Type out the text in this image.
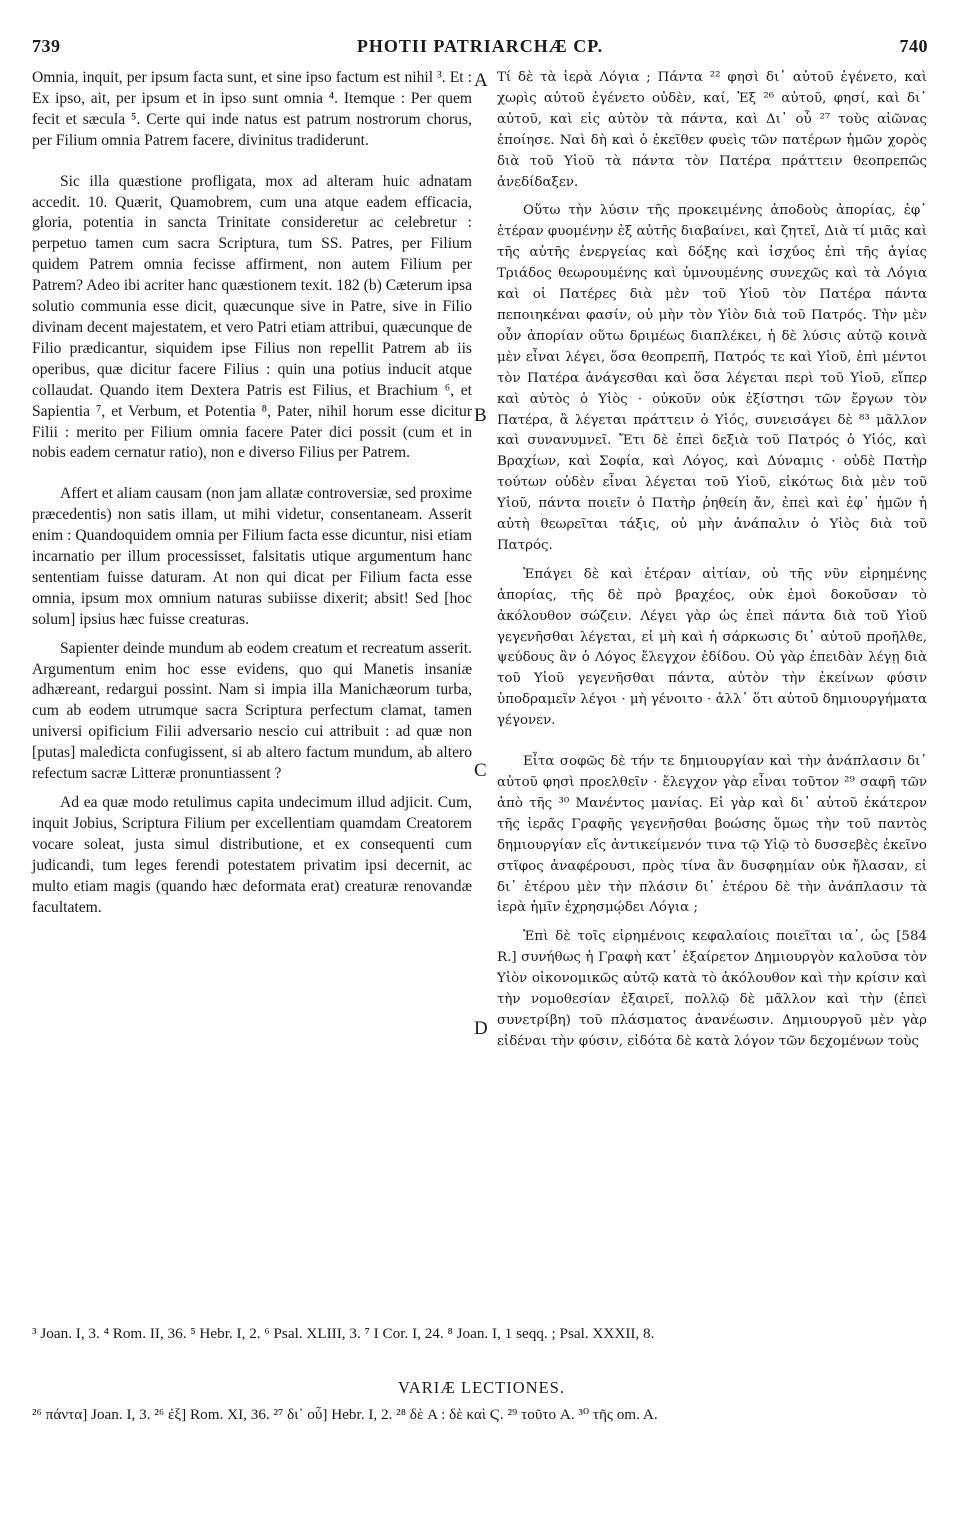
739	PHOTII PATRIARCHÆ CP.	740

Omnia, inquit, per ipsum facta sunt, et sine ipso factum est nihil ³. Et : Ex ipso, ait, per ipsum et in ipso sunt omnia ⁴. Itemque : Per quem fecit et sæcula ⁵. Certe qui inde natus est patrum nostrorum chorus, per Filium omnia Patrem facere, divinitus tradiderunt.

Sic illa quæstione profligata, mox ad alteram huic adnatam accedit. 10. Quærit, Quamobrem, cum una atque eadem efficacia, gloria, potentia in sancta Trinitate consideretur ac celebretur : perpetuo tamen cum sacra Scriptura, tum SS. Patres, per Filium quidem Patrem omnia fecisse affirment, non autem Filium per Patrem? Adeo ibi acriter hanc quæstionem texit. 182 (b) Cæterum ipsa solutio communia esse dicit, quæcunque sive in Patre, sive in Filio divinam decent majestatem, et vero Patri etiam attribui, quæcunque de Filio prædicantur, siquidem ipse Filius non repellit Patrem ab iis operibus, quæ dicitur facere Filius : quin una potius inducit atque collaudat. Quando item Dextera Patris est Filius, et Brachium ⁶, et Sapientia ⁷, et Verbum, et Potentia ⁸, Pater, nihil horum esse dicitur Filii : merito per Filium omnia facere Pater dici possit (cum et in nobis eadem cernatur ratio), non e diverso Filius per Patrem.

Affert et aliam causam (non jam allatæ controversiæ, sed proxime præcedentis) non satis illam, ut mihi videtur, consentaneam. Asserit enim : Quandoquidem omnia per Filium facta esse dicuntur, nisi etiam incarnatio per illum processisset, falsitatis utique argumentum hanc sententiam fuisse daturam. At non qui dicat per Filium facta esse omnia, ipsum mox omnium naturas subiisse dixerit; absit! Sed [hoc solum] ipsius hæc fuisse creaturas.

Sapienter deinde mundum ab eodem creatum et recreatum asserit. Argumentum enim hoc esse evidens, quo qui Manetis insaniæ adhæreant, redargui possint. Nam si impia illa Manichæorum turba, cum ab eodem utrumque sacra Scriptura perfectum clamat, tamen universi opificium Filii adversario nescio cui attribuit : ad quæ non [putas] maledicta confugissent, si ab altero factum mundum, ab altero refectum sacræ Litteræ pronuntiassent ?

Ad ea quæ modo retulimus capita undecimum illud adjicit. Cum, inquit Jobius, Scriptura Filium per excellentiam quamdam Creatorem vocare soleat, justa simul distributione, et ex consequenti cum judicandi, tum leges ferendi potestatem privatim ipsi decernit, ac multo etiam magis (quando hæc deformata erat) creaturæ renovandæ facultatem.

Τί δὲ τὰ ἱερὰ Λόγια ; Πάντα ²² φησὶ δι᾽ αὐτοῦ ἐγένετο, καὶ χωρὶς αὐτοῦ ἐγένετο οὐδὲν, καί, Ἐξ ²⁶ αὐτοῦ, φησί, καὶ δι᾽ αὐτοῦ, καὶ εἰς αὐτὸν τὰ πάντα, καὶ Δι᾽ οὗ ²⁷ τοὺς αἰῶνας ἐποίησε. Ναὶ δὴ καὶ ὁ ἐκεῖθεν φυεὶς τῶν πατέρων ἡμῶν χορὸς διὰ τοῦ Υἱοῦ τὰ πάντα τὸν Πατέρα πράττειν θεοπρεπῶς ἀνεδίδαξεν.

Οὕτω τὴν λύσιν τῆς προκειμένης ἀποδοὺς ἀπορίας, ἐφ᾽ ἑτέραν φυομένην ἐξ αὐτῆς διαβαίνει, καὶ ζητεῖ, Διὰ τί μιᾶς καὶ τῆς αὐτῆς ἐνεργείας καὶ δόξης καὶ ἰσχύος ἐπὶ τῆς ἁγίας Τριάδος θεωρουμένης καὶ ὑμνουμένης συνεχῶς καὶ τὰ Λόγια καὶ οἱ Πατέρες διὰ μὲν τοῦ Υἱοῦ τὸν Πατέρα πάντα πεποιηκέναι φασίν, οὐ μὴν τὸν Υἱὸν διὰ τοῦ Πατρός. Τὴν μὲν οὖν ἀπορίαν οὕτω δριμέως διαπλέκει, ἡ δὲ λύσις αὐτῷ κοινὰ μὲν εἶναι λέγει, ὅσα θεοπρεπῆ, Πατρός τε καὶ Υἱοῦ, ἐπὶ μέντοι τὸν Πατέρα ἀνάγεσθαι καὶ ὅσα λέγεται περὶ τοῦ Υἱοῦ, εἴπερ καὶ αὐτὸς ὁ Υἱὸς · οὐκοῦν οὐκ ἐξίστησι τῶν ἔργων τὸν Πατέρα, ἃ λέγεται πράττειν ὁ Υἱός, συνεισάγει δὲ ⁸³ μᾶλλον καὶ συνανυμνεῖ. Ἔτι δὲ ἐπεὶ δεξιὰ τοῦ Πατρός ὁ Υἱός, καὶ Βραχίων, καὶ Σοφία, καὶ Λόγος, καὶ Δύναμις · οὐδὲ Πατὴρ τούτων οὐδὲν εἶναι λέγεται τοῦ Υἱοῦ, εἰκότως διὰ μὲν τοῦ Υἱοῦ, πάντα ποιεῖν ὁ Πατὴρ ῥηθείη ἄν, ἐπεὶ καὶ ἐφ᾽ ἡμῶν ἡ αὐτὴ θεωρεῖται τάξις, οὐ μὴν ἀνάπαλιν ὁ Υἱὸς διὰ τοῦ Πατρός.

Ἐπάγει δὲ καὶ ἑτέραν αἰτίαν, οὐ τῆς νῦν εἰρημένης ἀπορίας, τῆς δὲ πρὸ βραχέος, οὐκ ἐμοὶ δοκοῦσαν τὸ ἀκόλουθον σώζειν. Λέγει γὰρ ὡς ἐπεὶ πάντα διὰ τοῦ Υἱοῦ γεγενῆσθαι λέγεται, εἰ μὴ καὶ ἡ σάρκωσις δι᾽ αὐτοῦ προῆλθε, ψεύδους ἂν ὁ Λόγος ἔλεγχον ἐδίδου. Οὐ γὰρ ἐπειδὰν λέγῃ διὰ τοῦ Υἱοῦ γεγενῆσθαι πάντα, αὐτὸν τὴν ἐκείνων φύσιν ὑποδραμεῖν λέγοι · μὴ γένοιτο · ἀλλ᾽ ὅτι αὐτοῦ δημιουργήματα γέγονεν.

Εἶτα σοφῶς δὲ τήν τε δημιουργίαν καὶ τὴν ἀνάπλασιν δι᾽ αὐτοῦ φησὶ προελθεῖν · ἔλεγχον γὰρ εἶναι τοῦτον ²⁹ σαφῆ τῶν ἀπὸ τῆς ³⁰ Μανέντος μανίας. Εἰ γὰρ καὶ δι᾽ αὐτοῦ ἑκάτερον τῆς ἱερᾶς Γραφῆς γεγενῆσθαι βοώσης ὅμως τὴν τοῦ παντὸς δημιουργίαν εἴς ἀντικείμενόν τινα τῷ Υἱῷ τὸ δυσσεβὲς ἐκεῖνο στῖφος ἀναφέρουσι, πρὸς τίνα ἂν δυσφημίαν οὐκ ἤλασαν, εἰ δι᾽ ἑτέρου μὲν τὴν πλάσιν δι᾽ ἑτέρου δὲ τὴν ἀνάπλασιν τὰ ἱερὰ ἡμῖν ἐχρησμῴδει Λόγια ;

Ἐπὶ δὲ τοῖς εἰρημένοις κεφαλαίοις ποιεῖται ια᾽, ὡς [584 R.] συνήθως ἡ Γραφὴ κατ᾽ ἐξαίρετον Δημιουργὸν καλοῦσα τὸν Υἱὸν οἰκονομικῶς αὐτῷ κατὰ τὸ ἀκόλουθον καὶ τὴν κρίσιν καὶ τὴν νομοθεσίαν ἐξαιρεῖ, πολλῷ δὲ μᾶλλον καὶ τὴν (ἐπεὶ συνετρίβη) τοῦ πλάσματος ἀνανέωσιν. Δημιουργοῦ μὲν γὰρ εἰδέναι τὴν φύσιν, εἰδότα δὲ κατὰ λόγον τῶν δεχομένων τοὺς

A
B
C
D
³ Joan. I, 3. ⁴ Rom. II, 36. ⁵ Hebr. I, 2. ⁶ Psal. XLIII, 3. ⁷ I Cor. I, 24. ⁸ Joan. I, 1 seqq. ; Psal. XXXII, 8.
VARIÆ LECTIONES.
²⁶ πάντα] Joan. I, 3. ²⁶ ἐξ] Rom. XI, 36. ²⁷ δι᾽ οὗ] Hebr. I, 2. ²⁸ δὲ A : δὲ καὶ Ϛ. ²⁹ τοῦτο A. ³⁰ τῆς om. A.
